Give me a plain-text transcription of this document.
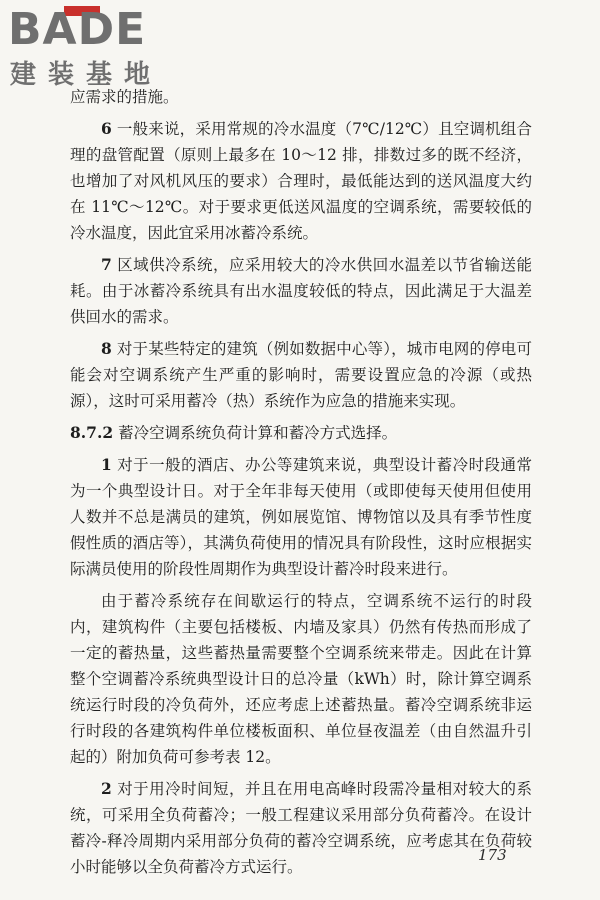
BADE
建装基地

应需求的措施。

6 一般来说，采用常规的冷水温度（7℃/12℃）且空调机组合理的盘管配置（原则上最多在 10～12 排，排数过多的既不经济，也增加了对风机风压的要求）合理时，最低能达到的送风温度大约在 11℃～12℃。对于要求更低送风温度的空调系统，需要较低的冷水温度，因此宜采用冰蓄冷系统。

7 区域供冷系统，应采用较大的冷水供回水温差以节省输送能耗。由于冰蓄冷系统具有出水温度较低的特点，因此满足于大温差供回水的需求。

8 对于某些特定的建筑（例如数据中心等），城市电网的停电可能会对空调系统产生严重的影响时，需要设置应急的冷源（或热源），这时可采用蓄冷（热）系统作为应急的措施来实现。

8.7.2 蓄冷空调系统负荷计算和蓄冷方式选择。

1 对于一般的酒店、办公等建筑来说，典型设计蓄冷时段通常为一个典型设计日。对于全年非每天使用（或即使每天使用但使用人数并不总是满员的建筑，例如展览馆、博物馆以及具有季节性度假性质的酒店等），其满负荷使用的情况具有阶段性，这时应根据实际满员使用的阶段性周期作为典型设计蓄冷时段来进行。

由于蓄冷系统存在间歇运行的特点，空调系统不运行的时段内，建筑构件（主要包括楼板、内墙及家具）仍然有传热而形成了一定的蓄热量，这些蓄热量需要整个空调系统来带走。因此在计算整个空调蓄冷系统典型设计日的总冷量（kWh）时，除计算空调系统运行时段的冷负荷外，还应考虑上述蓄热量。蓄冷空调系统非运行时段的各建筑构件单位楼板面积、单位昼夜温差（由自然温升引起的）附加负荷可参考表 12。

2 对于用冷时间短，并且在用电高峰时段需冷量相对较大的系统，可采用全负荷蓄冷；一般工程建议采用部分负荷蓄冷。在设计蓄冷-释冷周期内采用部分负荷的蓄冷空调系统，应考虑其在负荷较小时能够以全负荷蓄冷方式运行。

173
